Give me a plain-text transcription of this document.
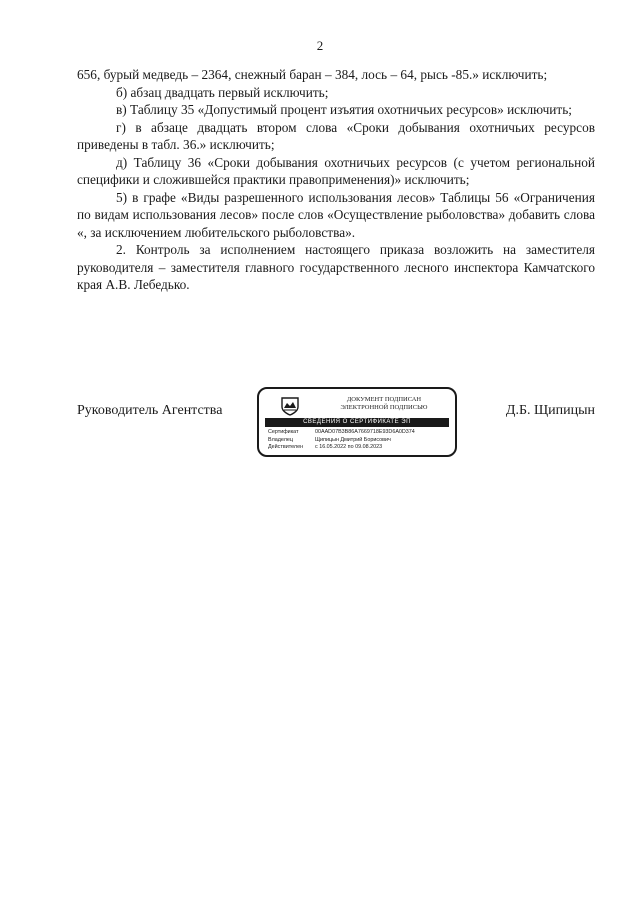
2

656, бурый медведь – 2364, снежный баран – 384, лось – 64, рысь -85.» исключить;

б) абзац двадцать первый исключить;

в) Таблицу 35 «Допустимый процент изъятия охотничьих ресурсов» исключить;

г) в абзаце двадцать втором слова «Сроки добывания охотничьих ресурсов приведены в табл. 36.» исключить;

д) Таблицу 36 «Сроки добывания охотничьих ресурсов (с учетом региональной специфики и сложившейся практики правоприменения)» исключить;

5) в графе «Виды разрешенного использования лесов» Таблицы 56 «Ограничения по видам использования лесов» после слов «Осуществление рыболовства» добавить слова «, за исключением любительского рыболовства».

2. Контроль за исполнением настоящего приказа возложить на заместителя руководителя – заместителя главного государственного лесного инспектора Камчатского края А.В. Лебедько.

Руководитель Агентства
ДОКУМЕНТ ПОДПИСАН
ЭЛЕКТРОННОЙ ПОДПИСЬЮ
СВЕДЕНИЯ О СЕРТИФИКАТЕ ЭП
Сертификат	00AAD07B3B86A7669718E93D6A0D374
Владелец	Щипицын Дмитрий Борисович
Действителен	с 16.05.2022 по 09.08.2023
Д.Б. Щипицын
